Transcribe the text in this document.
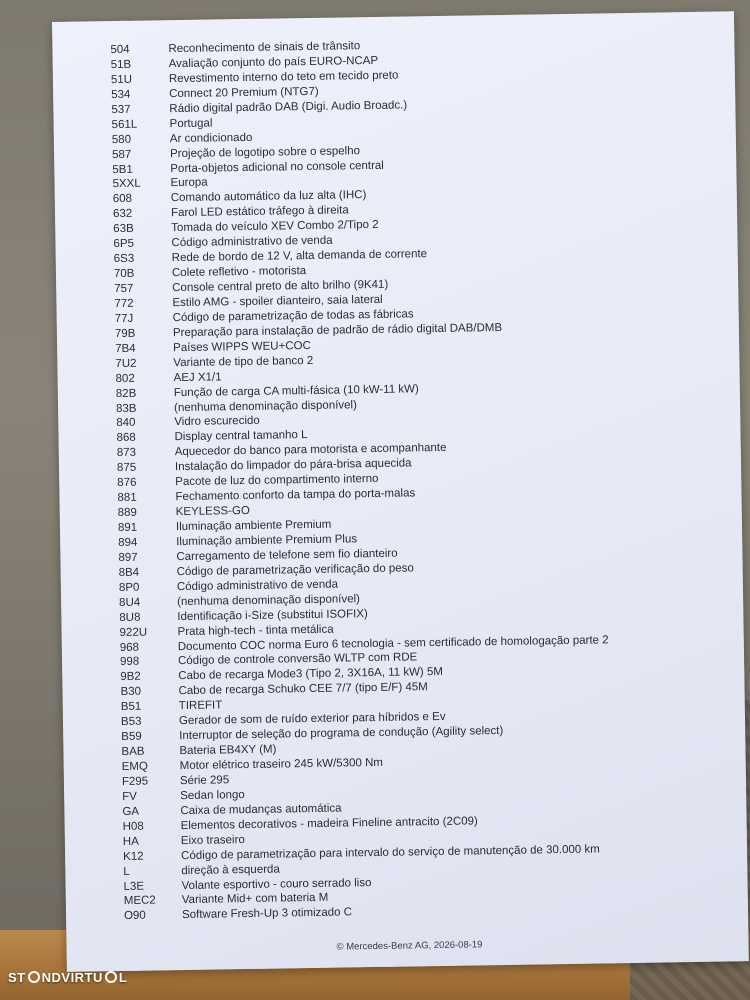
504	Reconhecimento de sinais de trânsito
51B	Avaliação conjunto do país EURO-NCAP
51U	Revestimento interno do teto em tecido preto
534	Connect 20 Premium (NTG7)
537	Rádio digital padrão DAB (Digi. Audio Broadc.)
561L	Portugal
580	Ar condicionado
587	Projeção de logotipo sobre o espelho
5B1	Porta-objetos adicional no console central
5XXL	Europa
608	Comando automático da luz alta (IHC)
632	Farol LED estático tráfego à direita
63B	Tomada do veículo XEV Combo 2/Tipo 2
6P5	Código administrativo de venda
6S3	Rede de bordo de 12 V, alta demanda de corrente
70B	Colete refletivo - motorista
757	Console central preto de alto brilho (9K41)
772	Estilo AMG - spoiler dianteiro, saia lateral
77J	Código de parametrização de todas as fábricas
79B	Preparação para instalação de padrão de rádio digital DAB/DMB
7B4	Países WIPPS WEU+COC
7U2	Variante de tipo de banco 2
802	AEJ X1/1
82B	Função de carga CA multi-fásica (10 kW-11 kW)
83B	(nenhuma denominação disponível)
840	Vidro escurecido
868	Display central tamanho L
873	Aquecedor do banco para motorista e acompanhante
875	Instalação do limpador do pára-brisa aquecida
876	Pacote de luz do compartimento interno
881	Fechamento conforto da tampa do porta-malas
889	KEYLESS-GO
891	Iluminação ambiente Premium
894	Iluminação ambiente Premium Plus
897	Carregamento de telefone sem fio dianteiro
8B4	Código de parametrização verificação do peso
8P0	Código administrativo de venda
8U4	(nenhuma denominação disponível)
8U8	Identificação i-Size (substitui ISOFIX)
922U	Prata high-tech - tinta metálica
968	Documento COC norma Euro 6 tecnologia - sem certificado de homologação parte 2
998	Código de controle conversão WLTP com RDE
9B2	Cabo de recarga Mode3 (Tipo 2, 3X16A, 11 kW) 5M
B30	Cabo de recarga Schuko CEE 7/7 (tipo E/F) 45M
B51	TIREFIT
B53	Gerador de som de ruído exterior para híbridos e Ev
B59	Interruptor de seleção do programa de condução (Agility select)
BAB	Bateria EB4XY (M)
EMQ	Motor elétrico traseiro 245 kW/5300 Nm
F295	Série 295
FV	Sedan longo
GA	Caixa de mudanças automática
H08	Elementos decorativos - madeira Fineline antracito (2C09)
HA	Eixo traseiro
K12	Código de parametrização para intervalo do serviço de manutenção de 30.000 km
L	direção à esquerda
L3E	Volante esportivo - couro serrado liso
MEC2	Variante Mid+ com bateria M
O90	Software Fresh-Up 3 otimizado C
© Mercedes-Benz AG, 2026-08-19
ST NDVIRTU L
